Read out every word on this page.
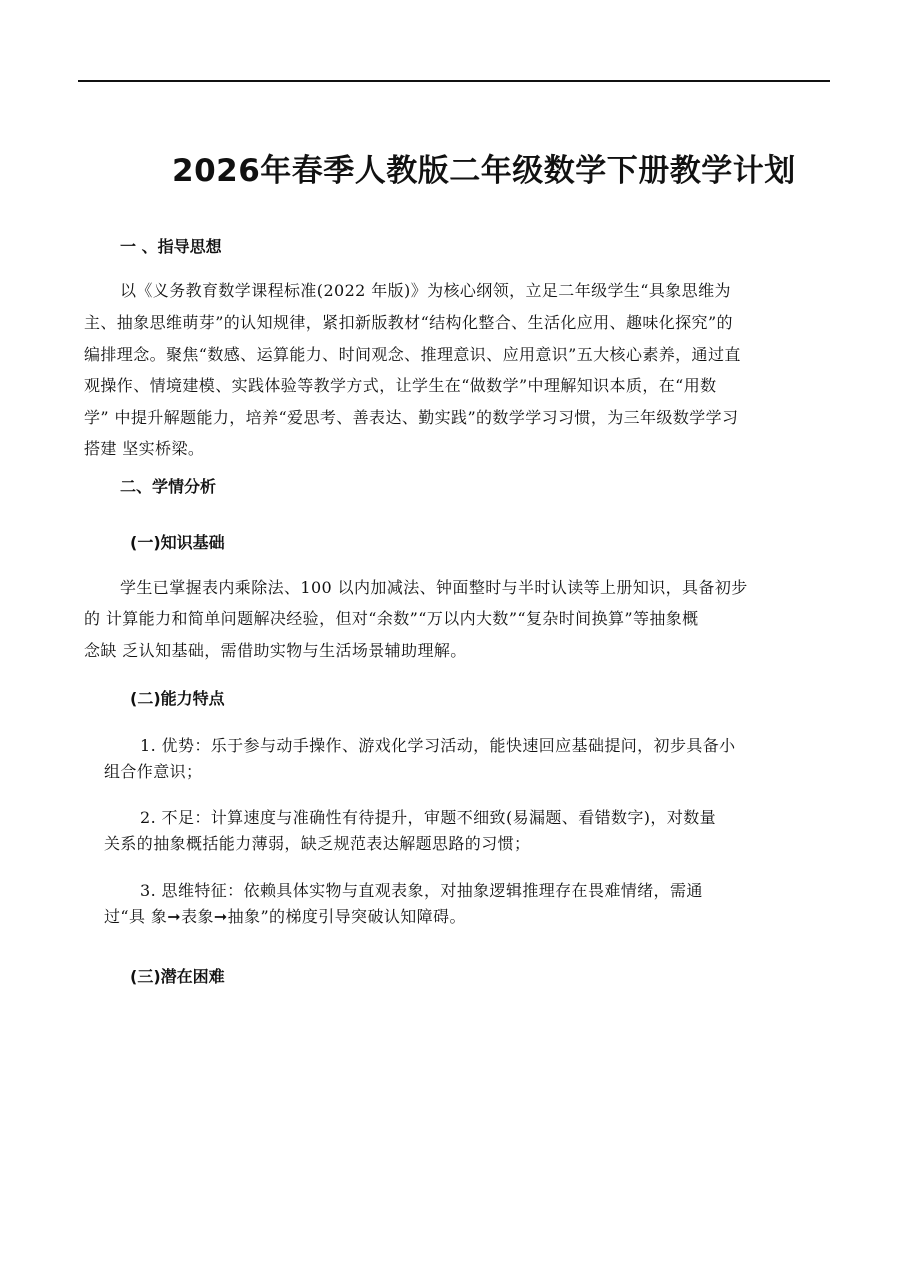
2026年春季人教版二年级数学下册教学计划
一 、指导思想

以《义务教育数学课程标准(2022 年版)》为核心纲领，立足二年级学生“具象思维为

主、抽象思维萌芽”的认知规律，紧扣新版教材“结构化整合、生活化应用、趣味化探究”的

编排理念。聚焦“数感、运算能力、时间观念、推理意识、应用意识”五大核心素养，通过直

观操作、情境建模、实践体验等教学方式，让学生在“做数学”中理解知识本质，在“用数

学” 中提升解题能力，培养“爱思考、善表达、勤实践”的数学学习习惯，为三年级数学学习

搭建 坚实桥梁。

二、学情分析
(一)知识基础

学生已掌握表内乘除法、100 以内加减法、钟面整时与半时认读等上册知识，具备初步

的 计算能力和简单问题解决经验，但对“余数”“万以内大数”“复杂时间换算”等抽象概

念缺 乏认知基础，需借助实物与生活场景辅助理解。

(二)能力特点

1. 优势：乐于参与动手操作、游戏化学习活动，能快速回应基础提问，初步具备小

组合作意识；

2. 不足：计算速度与准确性有待提升，审题不细致(易漏题、看错数字)，对数量

关系的抽象概括能力薄弱，缺乏规范表达解题思路的习惯；

3. 思维特征：依赖具体实物与直观表象，对抽象逻辑推理存在畏难情绪，需通

过“具 象➞表象➞抽象”的梯度引导突破认知障碍。

(三)潜在困难
